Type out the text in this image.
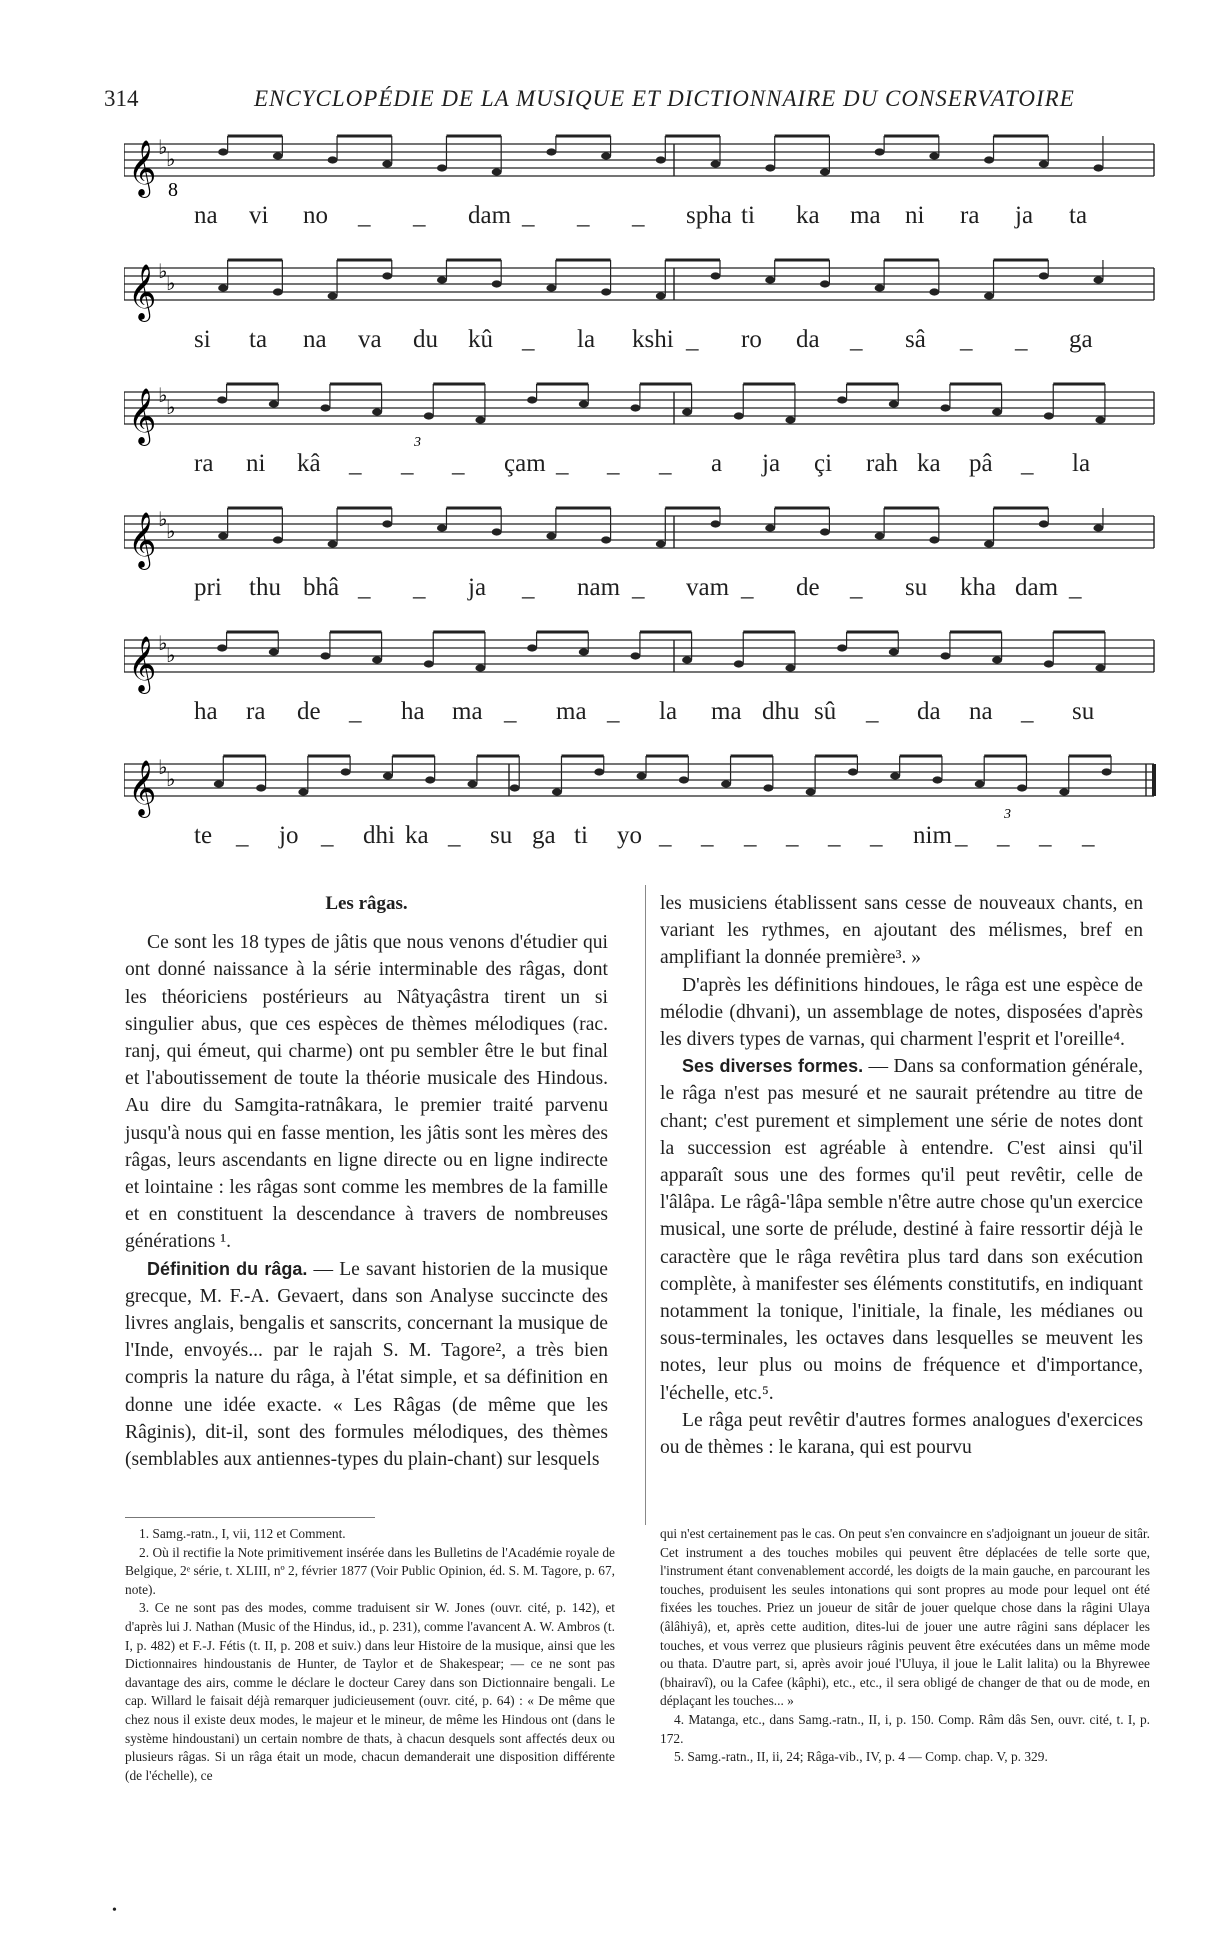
314	ENCYCLOPÉDIE DE LA MUSIQUE ET DICTIONNAIRE DU CONSERVATOIRE
𝄞 ♭
♭
8
na vi no _ _ dam _ _ _ spha ti ka ma ni ra ja ta
𝄞 ♭
♭
si ta na va du kû _ la kshi _ ro da _ sâ _ _ ga
𝄞 ♭
♭
3
ra ni kâ _ _ _ çam _ _ _ a ja çi rah ka pâ _ la
𝄞 ♭
♭
pri thu bhâ _ _ ja _ nam _ vam _ de _ su kha dam _
𝄞 ♭
♭
ha ra de _ ha ma _ ma _ la ma dhu sû _ da na _ su
𝄞 ♭
♭
3
te _ jo _ dhi ka _ su ga ti yo _ _ _ _ _ _ nim _ _ _ _

Les râgas.

Ce sont les 18 types de jâtis que nous venons d'étudier qui ont donné naissance à la série interminable des râgas, dont les théoriciens postérieurs au Nâtyaçâstra tirent un si singulier abus, que ces espèces de thèmes mélodiques (rac. ranj, qui émeut, qui charme) ont pu sembler être le but final et l'aboutissement de toute la théorie musicale des Hindous. Au dire du Samgita-ratnâkara, le premier traité parvenu jusqu'à nous qui en fasse mention, les jâtis sont les mères des râgas, leurs ascendants en ligne directe ou en ligne indirecte et lointaine : les râgas sont comme les membres de la famille et en constituent la descendance à travers de nombreuses générations ¹.

Définition du râga. — Le savant historien de la musique grecque, M. F.-A. Gevaert, dans son Analyse succincte des livres anglais, bengalis et sanscrits, concernant la musique de l'Inde, envoyés... par le rajah S. M. Tagore², a très bien compris la nature du râga, à l'état simple, et sa définition en donne une idée exacte. « Les Râgas (de même que les Râginis), dit-il, sont des formules mélodiques, des thèmes (semblables aux antiennes-types du plain-chant) sur lesquels

les musiciens établissent sans cesse de nouveaux chants, en variant les rythmes, en ajoutant des mélismes, bref en amplifiant la donnée première³. »

D'après les définitions hindoues, le râga est une espèce de mélodie (dhvani), un assemblage de notes, disposées d'après les divers types de varnas, qui charment l'esprit et l'oreille⁴.

Ses diverses formes. — Dans sa conformation générale, le râga n'est pas mesuré et ne saurait prétendre au titre de chant; c'est purement et simplement une série de notes dont la succession est agréable à entendre. C'est ainsi qu'il apparaît sous une des formes qu'il peut revêtir, celle de l'âlâpa. Le râgâ-'lâpa semble n'être autre chose qu'un exercice musical, une sorte de prélude, destiné à faire ressortir déjà le caractère que le râga revêtira plus tard dans son exécution complète, à manifester ses éléments constitutifs, en indiquant notamment la tonique, l'initiale, la finale, les médianes ou sous-terminales, les octaves dans lesquelles se meuvent les notes, leur plus ou moins de fréquence et d'importance, l'échelle, etc.⁵.

Le râga peut revêtir d'autres formes analogues d'exercices ou de thèmes : le karana, qui est pourvu

1. Samg.-ratn., I, vii, 112 et Comment.

2. Où il rectifie la Note primitivement insérée dans les Bulletins de l'Académie royale de Belgique, 2ᵉ série, t. XLIII, nº 2, février 1877 (Voir Public Opinion, éd. S. M. Tagore, p. 67, note).

3. Ce ne sont pas des modes, comme traduisent sir W. Jones (ouvr. cité, p. 142), et d'après lui J. Nathan (Music of the Hindus, id., p. 231), comme l'avancent A. W. Ambros (t. I, p. 482) et F.-J. Fétis (t. II, p. 208 et suiv.) dans leur Histoire de la musique, ainsi que les Dictionnaires hindoustanis de Hunter, de Taylor et de Shakespear; — ce ne sont pas davantage des airs, comme le déclare le docteur Carey dans son Dictionnaire bengali. Le cap. Willard le faisait déjà remarquer judicieusement (ouvr. cité, p. 64) : « De même que chez nous il existe deux modes, le majeur et le mineur, de même les Hindous ont (dans le système hindoustani) un certain nombre de thats, à chacun desquels sont affectés deux ou plusieurs râgas. Si un râga était un mode, chacun demanderait une disposition différente (de l'échelle), ce

qui n'est certainement pas le cas. On peut s'en convaincre en s'adjoignant un joueur de sitâr. Cet instrument a des touches mobiles qui peuvent être déplacées de telle sorte que, l'instrument étant convenablement accordé, les doigts de la main gauche, en parcourant les touches, produisent les seules intonations qui sont propres au mode pour lequel ont été fixées les touches. Priez un joueur de sitâr de jouer quelque chose dans la râgini Ulaya (âlâhiyâ), et, après cette audition, dites-lui de jouer une autre râgini sans déplacer les touches, et vous verrez que plusieurs râginis peuvent être exécutées dans un même mode ou thata. D'autre part, si, après avoir joué l'Uluya, il joue le Lalit lalita) ou la Bhyrewee (bhairavî), ou la Cafee (kâphi), etc., etc., il sera obligé de changer de that ou de mode, en déplaçant les touches... »

4. Matanga, etc., dans Samg.-ratn., II, i, p. 150. Comp. Râm dâs Sen, ouvr. cité, t. I, p. 172.

5. Samg.-ratn., II, ii, 24; Râga-vib., IV, p. 4 — Comp. chap. V, p. 329.

•
